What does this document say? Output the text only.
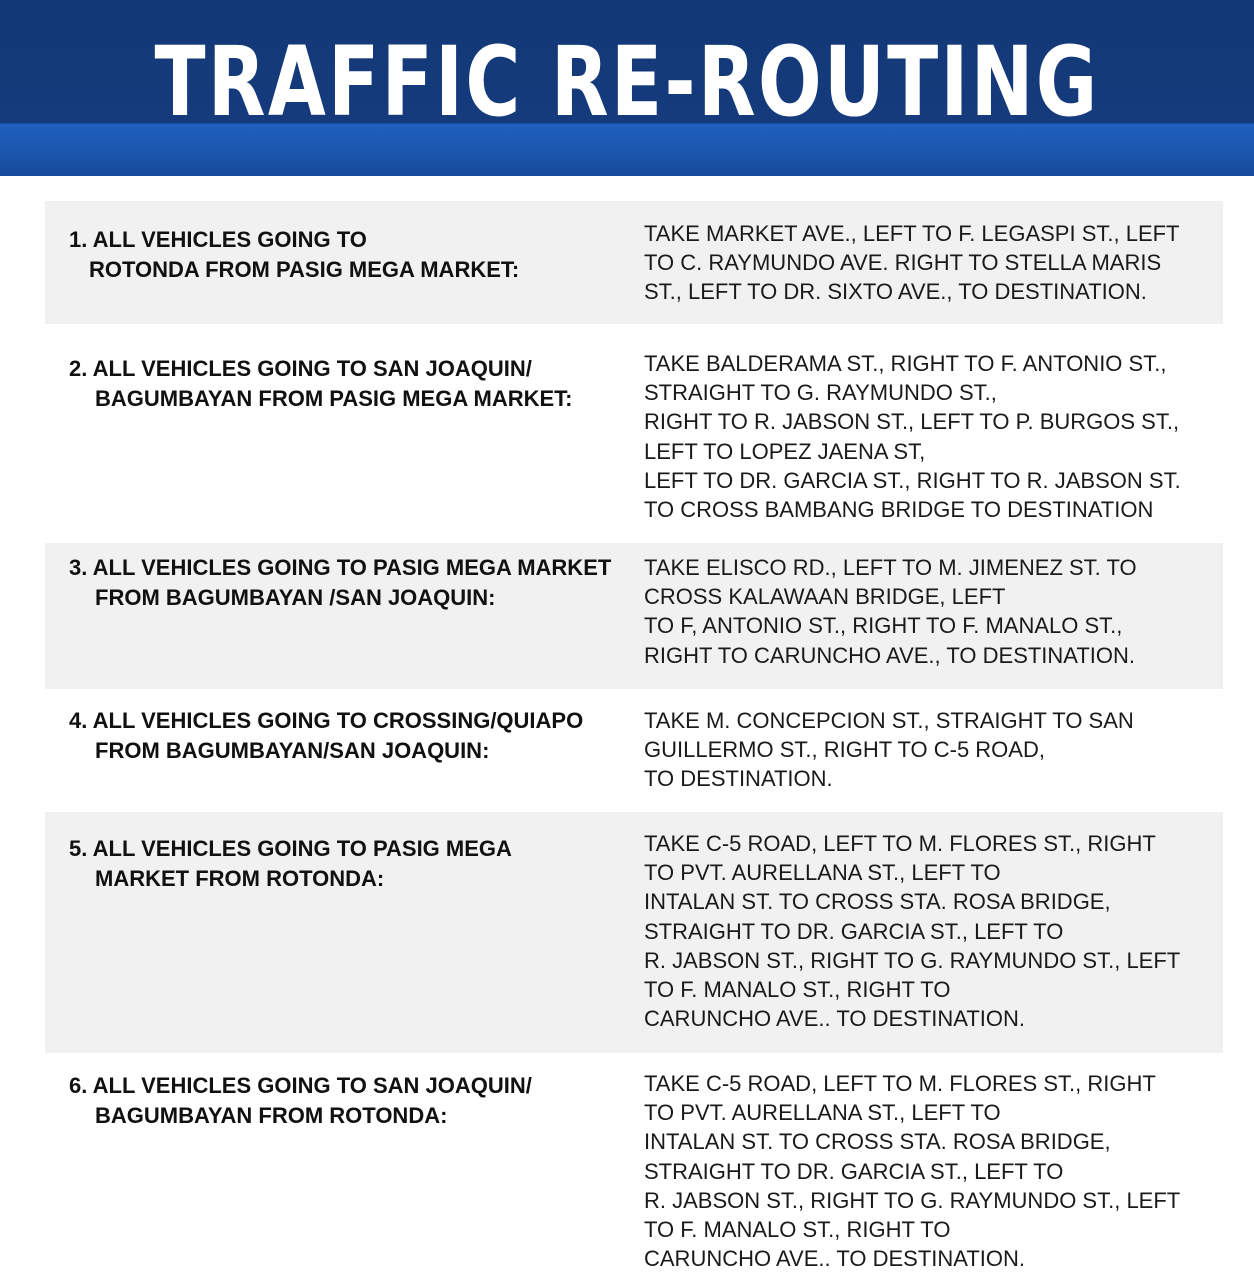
TRAFFIC RE-ROUTING
1. ALL VEHICLES GOING TO
ROTONDA FROM PASIG MEGA MARKET:
TAKE MARKET AVE., LEFT TO F. LEGASPI ST., LEFT
TO C. RAYMUNDO AVE. RIGHT TO STELLA MARIS
ST., LEFT TO DR. SIXTO AVE., TO DESTINATION.
2. ALL VEHICLES GOING TO SAN JOAQUIN/
BAGUMBAYAN FROM PASIG MEGA MARKET:
TAKE BALDERAMA ST., RIGHT TO F. ANTONIO ST.,
STRAIGHT TO G. RAYMUNDO ST.,
RIGHT TO R. JABSON ST., LEFT TO P. BURGOS ST.,
LEFT TO LOPEZ JAENA ST,
LEFT TO DR. GARCIA ST., RIGHT TO R. JABSON ST.
TO CROSS BAMBANG BRIDGE TO DESTINATION
3. ALL VEHICLES GOING TO PASIG MEGA MARKET
FROM BAGUMBAYAN /SAN JOAQUIN:
TAKE ELISCO RD., LEFT TO M. JIMENEZ ST. TO
CROSS KALAWAAN BRIDGE, LEFT
TO F, ANTONIO ST., RIGHT TO F. MANALO ST.,
RIGHT TO CARUNCHO AVE., TO DESTINATION.
4. ALL VEHICLES GOING TO CROSSING/QUIAPO
FROM BAGUMBAYAN/SAN JOAQUIN:
TAKE M. CONCEPCION ST., STRAIGHT TO SAN
GUILLERMO ST., RIGHT TO C-5 ROAD,
TO DESTINATION.
5. ALL VEHICLES GOING TO PASIG MEGA
MARKET FROM ROTONDA:
TAKE C-5 ROAD, LEFT TO M. FLORES ST., RIGHT
TO PVT. AURELLANA ST., LEFT TO
INTALAN ST. TO CROSS STA. ROSA BRIDGE,
STRAIGHT TO DR. GARCIA ST., LEFT TO
R. JABSON ST., RIGHT TO G. RAYMUNDO ST., LEFT
TO F. MANALO ST., RIGHT TO
CARUNCHO AVE.. TO DESTINATION.
6. ALL VEHICLES GOING TO SAN JOAQUIN/
BAGUMBAYAN FROM ROTONDA:
TAKE C-5 ROAD, LEFT TO M. FLORES ST., RIGHT
TO PVT. AURELLANA ST., LEFT TO
INTALAN ST. TO CROSS STA. ROSA BRIDGE,
STRAIGHT TO DR. GARCIA ST., LEFT TO
R. JABSON ST., RIGHT TO G. RAYMUNDO ST., LEFT
TO F. MANALO ST., RIGHT TO
CARUNCHO AVE.. TO DESTINATION.
